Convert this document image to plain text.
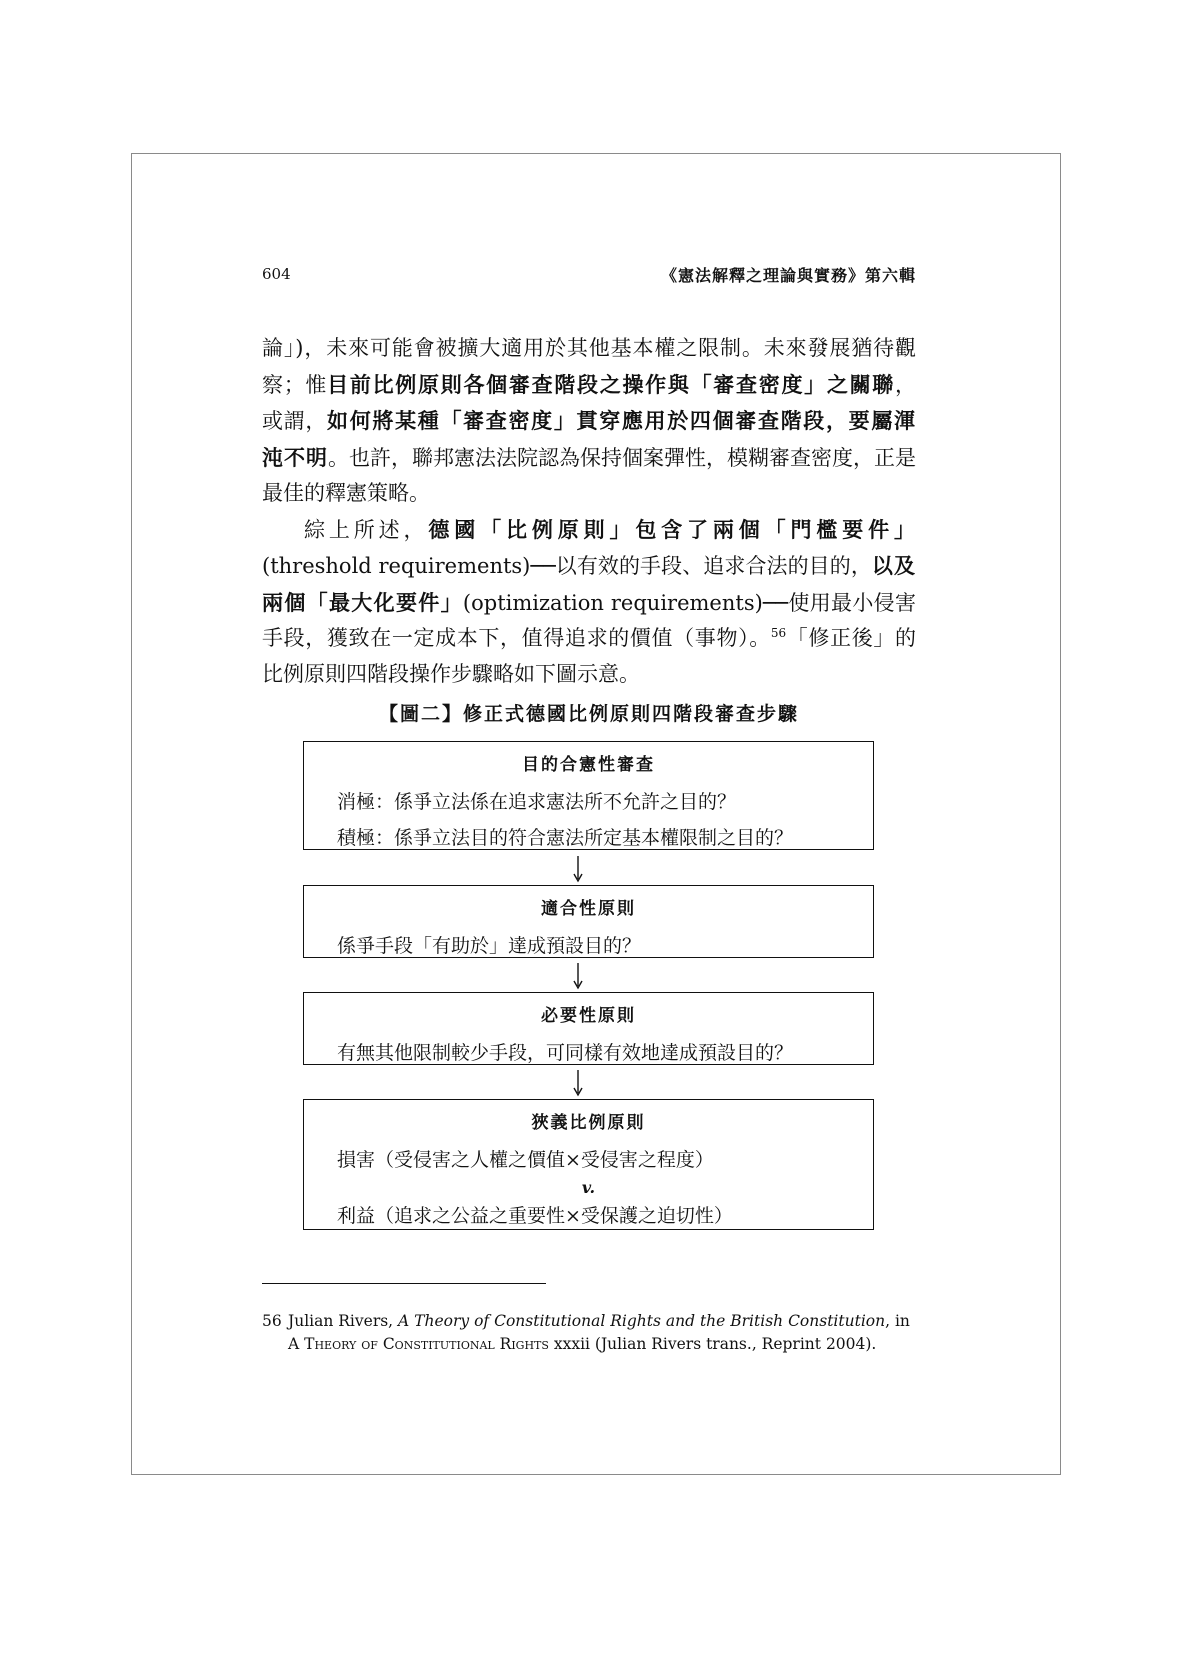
604	《憲法解釋之理論與實務》第六輯

論」)，未來可能會被擴大適用於其他基本權之限制。未來發展猶待觀察；惟目前比例原則各個審查階段之操作與「審查密度」之關聯，或謂，如何將某種「審查密度」貫穿應用於四個審查階段，要屬渾沌不明。也許，聯邦憲法法院認為保持個案彈性，模糊審查密度，正是最佳的釋憲策略。

綜上所述，德國「比例原則」包含了兩個「門檻要件」(threshold requirements)──以有效的手段、追求合法的目的，以及兩個「最大化要件」(optimization requirements)──使用最小侵害手段，獲致在一定成本下，值得追求的價值（事物）。$^{56}$「修正後」的比例原則四階段操作步驟略如下圖示意。

【圖二】修正式德國比例原則四階段審查步驟
目的合憲性審查
消極：係爭立法係在追求憲法所不允許之目的？
積極：係爭立法目的符合憲法所定基本權限制之目的？
適合性原則
係爭手段「有助於」達成預設目的？
必要性原則
有無其他限制較少手段，可同樣有效地達成預設目的？
狹義比例原則
損害（受侵害之人權之價值×受侵害之程度）
v.
利益（追求之公益之重要性×受保護之迫切性）
56 Julian Rivers, A Theory of Constitutional Rights and the British Constitution, in A Theory of Constitutional Rights xxxii (Julian Rivers trans., Reprint 2004).
